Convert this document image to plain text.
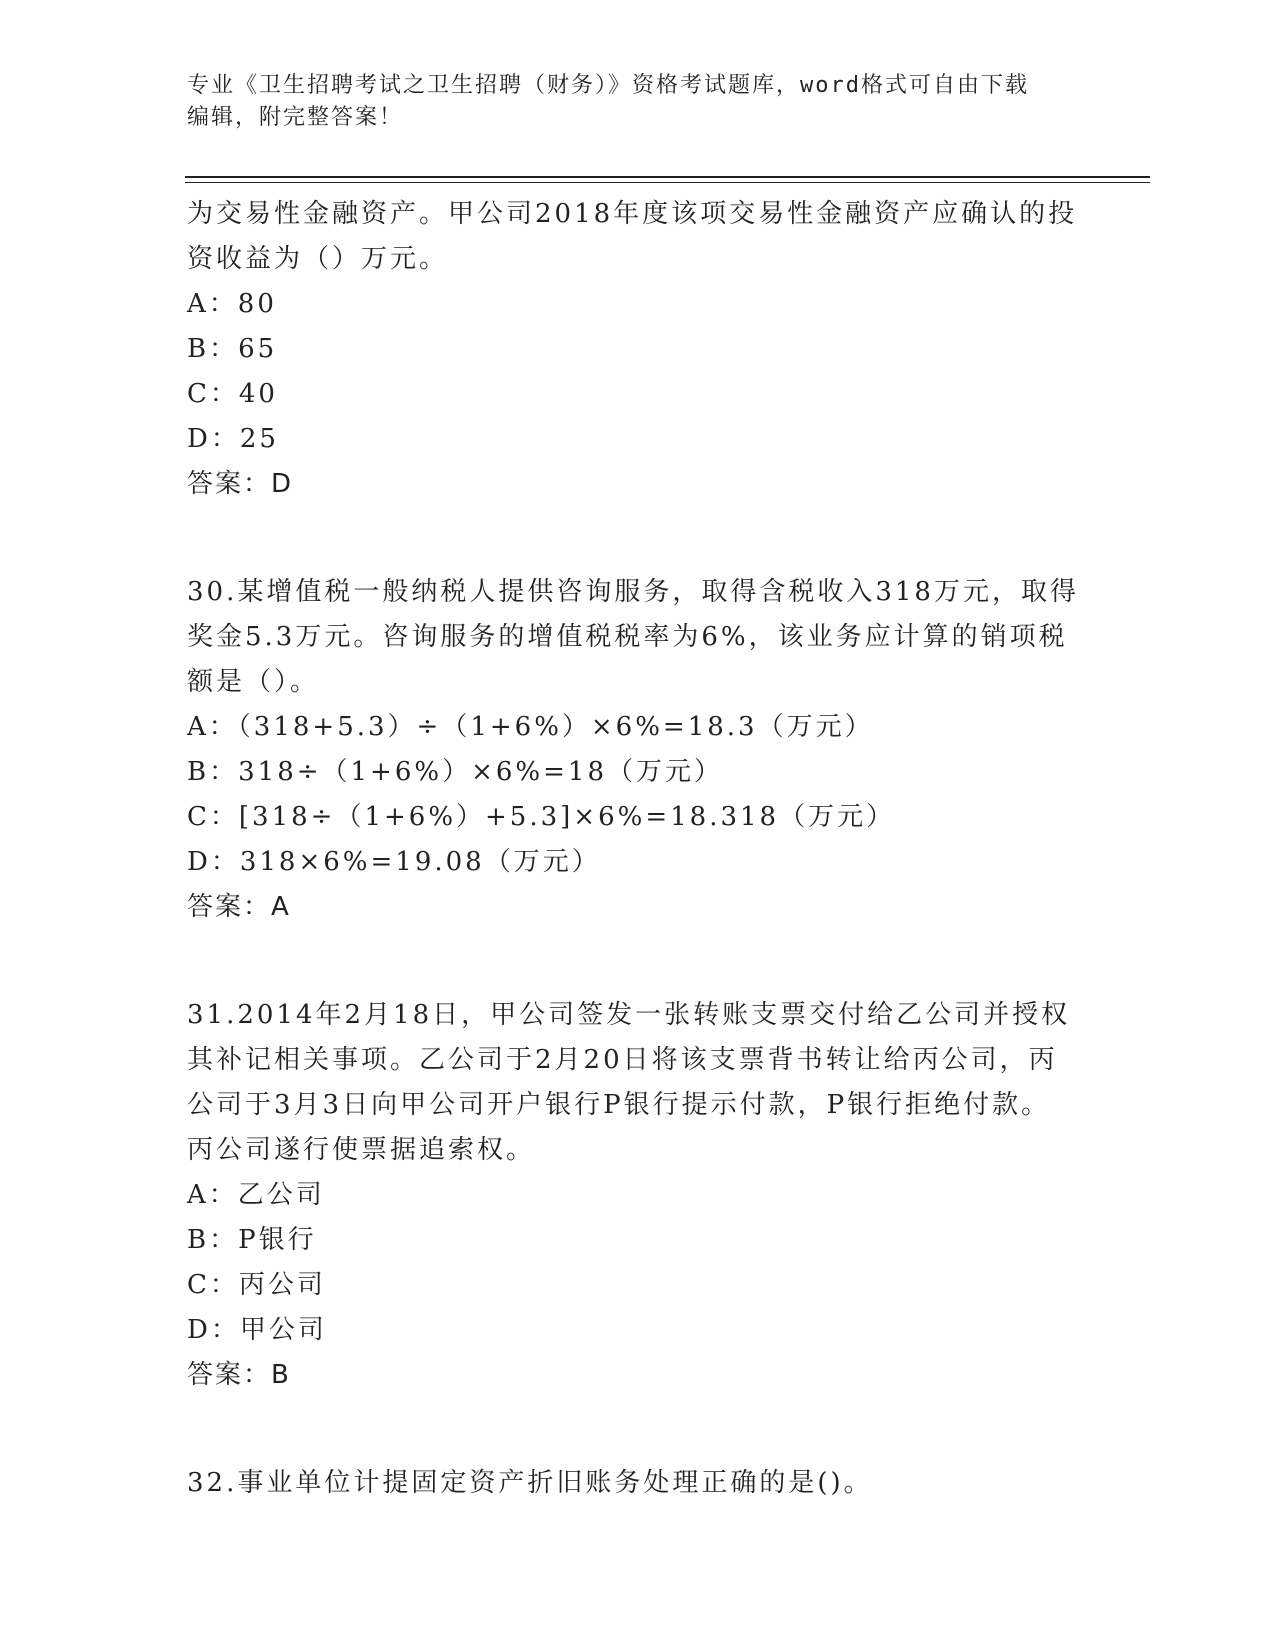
专业《卫生招聘考试之卫生招聘（财务）》资格考试题库，word格式可自由下载
编辑，附完整答案！

为交易性金融资产。甲公司2018年度该项交易性金融资产应确认的投

资收益为（）万元。

A：80

B：65

C：40

D：25

答案：D

30.某增值税一般纳税人提供咨询服务，取得含税收入318万元，取得

奖金5.3万元。咨询服务的增值税税率为6%，该业务应计算的销项税

额是（）。

A：（318+5.3）÷（1+6%）×6%=18.3（万元）

B：318÷（1+6%）×6%=18（万元）

C：[318÷（1+6%）+5.3]×6%=18.318（万元）

D：318×6%=19.08（万元）

答案：A

31.2014年2月18日，甲公司签发一张转账支票交付给乙公司并授权

其补记相关事项。乙公司于2月20日将该支票背书转让给丙公司，丙

公司于3月3日向甲公司开户银行P银行提示付款，P银行拒绝付款。

丙公司遂行使票据追索权。

A：乙公司

B：P银行

C：丙公司

D：甲公司

答案：B

32.事业单位计提固定资产折旧账务处理正确的是()。
